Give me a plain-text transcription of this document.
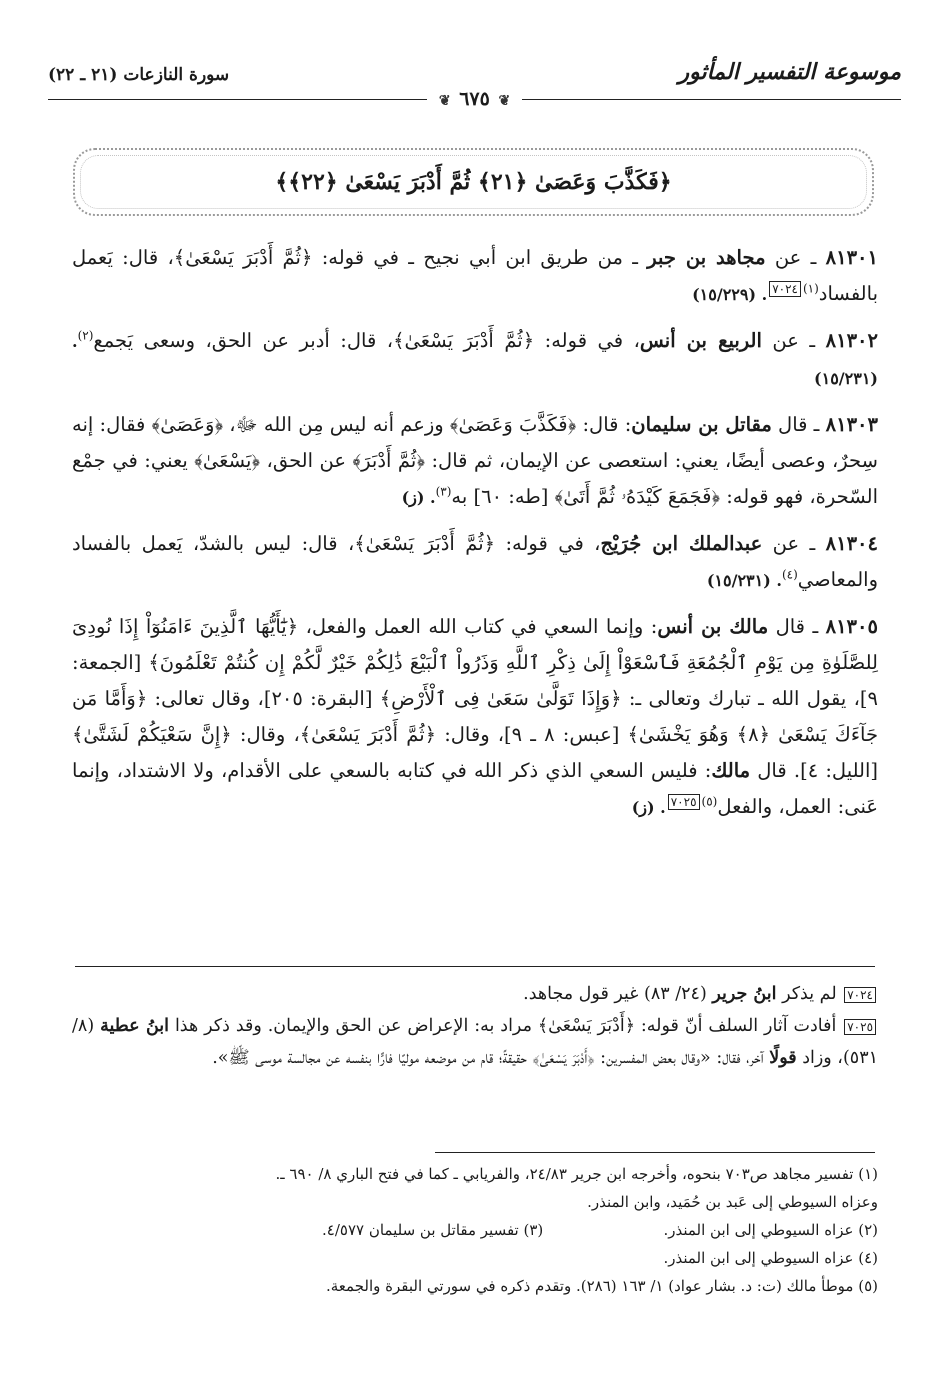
موسوعة التفسير المأثور
سورة النازعات (٢١ ـ ٢٢)
❦ ٦٧٥ ❦
﴿فَكَذَّبَ وَعَصَىٰ ﴿٢١﴾ ثُمَّ أَدْبَرَ يَسْعَىٰ ﴿٢٢﴾﴾

٨١٣٠١ ـ عن مجاهد بن جبر ـ من طريق ابن أبي نجيح ـ في قوله: ﴿ثُمَّ أَدْبَرَ يَسْعَىٰ﴾، قال: يَعمل بالفساد$^{(١)}$٧٠٢٤. (١٥/٢٢٩)

٨١٣٠٢ ـ عن الربيع بن أنس، في قوله: ﴿ثُمَّ أَدْبَرَ يَسْعَىٰ﴾، قال: أدبر عن الحق، وسعى يَجمع$^{(٢)}$. (١٥/٢٣١)

٨١٣٠٣ ـ قال مقاتل بن سليمان: قال: ﴿فَكَذَّبَ وَعَصَىٰ﴾ وزعم أنه ليس مِن الله ﷻ، ﴿وَعَصَىٰ﴾ فقال: إنه سِحرٌ، وعصى أيضًا، يعني: استعصى عن الإيمان، ثم قال: ﴿ثُمَّ أَدْبَرَ﴾ عن الحق، ﴿يَسْعَىٰ﴾ يعني: في جمْع السّحرة، فهو قوله: ﴿فَجَمَعَ كَيْدَهُۥ ثُمَّ أَتَىٰ﴾ [طه: ٦٠] به$^{(٣)}$. (ز)

٨١٣٠٤ ـ عن عبدالملك ابن جُرَيْج، في قوله: ﴿ثُمَّ أَدْبَرَ يَسْعَىٰ﴾، قال: ليس بالشدّ، يَعمل بالفساد والمعاصي$^{(٤)}$. (١٥/٢٣١)

٨١٣٠٥ ـ قال مالك بن أنس: وإنما السعي في كتاب الله العمل والفعل، ﴿يَٰٓأَيُّهَا ٱلَّذِينَ ءَامَنُوٓاْ إِذَا نُودِىَ لِلصَّلَوٰةِ مِن يَوْمِ ٱلْجُمُعَةِ فَٱسْعَوْاْ إِلَىٰ ذِكْرِ ٱللَّهِ وَذَرُواْ ٱلْبَيْعَ ذَٰلِكُمْ خَيْرٌ لَّكُمْ إِن كُنتُمْ تَعْلَمُونَ﴾ [الجمعة: ٩]، يقول الله ـ تبارك وتعالى ـ: ﴿وَإِذَا تَوَلَّىٰ سَعَىٰ فِى ٱلْأَرْضِ﴾ [البقرة: ٢٠٥]، وقال تعالى: ﴿وَأَمَّا مَن جَآءَكَ يَسْعَىٰ ﴿٨﴾ وَهُوَ يَخْشَىٰ﴾ [عبس: ٨ ـ ٩]، وقال: ﴿ثُمَّ أَدْبَرَ يَسْعَىٰ﴾، وقال: ﴿إِنَّ سَعْيَكُمْ لَشَتَّىٰ﴾ [الليل: ٤]. قال مالك: فليس السعي الذي ذكر الله في كتابه بالسعي على الأقدام، ولا الاشتداد، وإنما عَنى: العمل، والفعل$^{(٥)}$٧٠٢٥. (ز)

٧٠٢٤ لم يذكر ابنُ جرير (٢٤/ ٨٣) غير قول مجاهد.

٧٠٢٥ أفادت آثار السلف أنّ قوله: ﴿أَدْبَرَ يَسْعَىٰ﴾ مراد به: الإعراض عن الحق والإيمان. وقد ذكر هذا ابنُ عطية (٨/ ٥٣١)، وزاد قولًا آخر، فقال: «وقال بعض المفسرين: ﴿أَدْبَرَ يَسْعَىٰ﴾ حقيقةً؛ قام من موضعه موليًا فارًّا بنفسه عن مجالسة موسى ﷺ».

(١) تفسير مجاهد ص٧٠٣ بنحوه، وأخرجه ابن جرير ٢٤/٨٣، والفريابي ـ كما في فتح الباري ٨/ ٦٩٠ ـ.

وعزاه السيوطي إلى عَبد بن حُمَيد، وابن المنذر.

(٢) عزاه السيوطي إلى ابن المنذر.
(٣) تفسير مقاتل بن سليمان ٤/٥٧٧.

(٤) عزاه السيوطي إلى ابن المنذر.

(٥) موطأ مالك (ت: د. بشار عواد) ١/ ١٦٣ (٢٨٦). وتقدم ذكره في سورتي البقرة والجمعة.
